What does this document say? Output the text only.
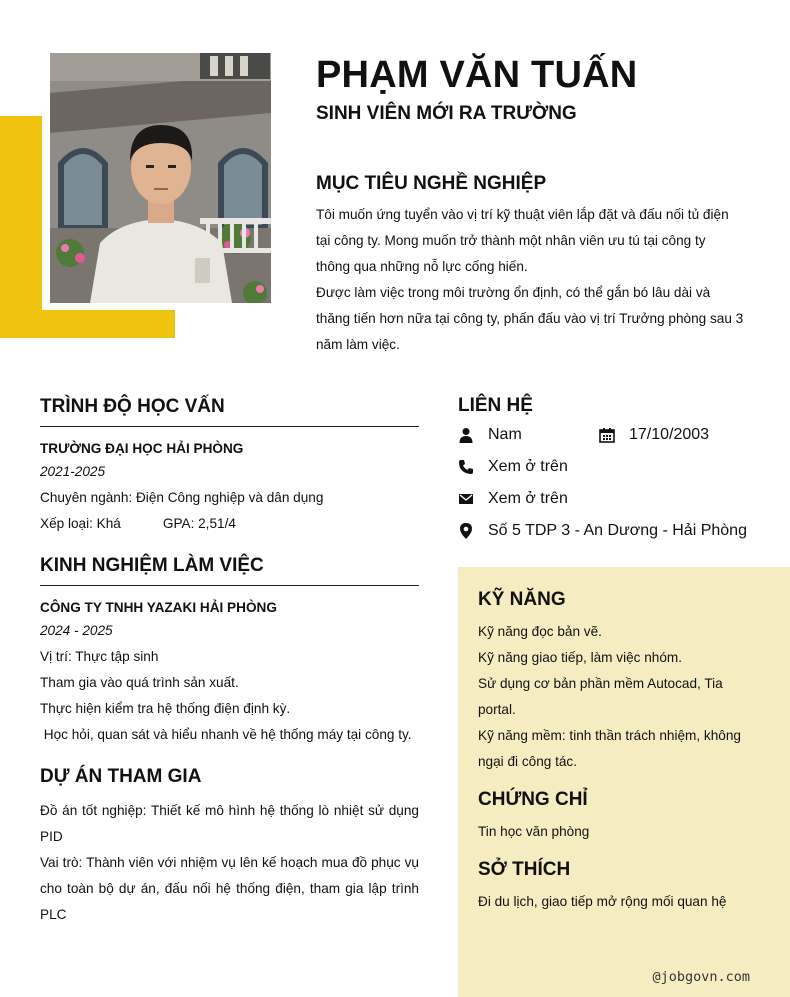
PHẠM VĂN TUẤN
SINH VIÊN MỚI RA TRƯỜNG
MỤC TIÊU NGHỀ NGHIỆP
Tôi muốn ứng tuyển vào vị trí kỹ thuật viên lắp đặt và đấu nối tủ điện
tại công ty. Mong muốn trở thành một nhân viên ưu tú tại công ty
thông qua những nỗ lực cống hiến.
Được làm việc trong môi trường ổn định, có thể gắn bó lâu dài và
thăng tiến hơn nữa tại công ty, phấn đấu vào vị trí Trưởng phòng sau 3
năm làm việc.
TRÌNH ĐỘ HỌC VẤN
TRƯỜNG ĐẠI HỌC HẢI PHÒNG
2021-2025
Chuyên ngành: Điện Công nghiệp và dân dụng
Xếp loại: Khá	GPA: 2,51/4
KINH NGHIỆM LÀM VIỆC
CÔNG TY TNHH YAZAKI HẢI PHÒNG
2024 - 2025
Vị trí: Thực tập sinh
Tham gia vào quá trình sản xuất.
Thực hiện kiểm tra hệ thống điện định kỳ.
Học hỏi, quan sát và hiểu nhanh về hệ thống máy tại công ty.
DỰ ÁN THAM GIA
Đồ án tốt nghiệp: Thiết kế mô hình hệ thống lò nhiệt sử dụng PID
Vai trò: Thành viên với nhiệm vụ lên kế hoạch mua đồ phục vụ cho toàn bộ dự án, đấu nối hệ thống điện, tham gia lập trình PLC
LIÊN HỆ
Nam	17/10/2003
Xem ở trên
Xem ở trên
Số 5 TDP 3 - An Dương - Hải Phòng
KỸ NĂNG
Kỹ năng đọc bản vẽ.
Kỹ năng giao tiếp, làm việc nhóm.
Sử dụng cơ bản phần mềm Autocad, Tia portal.
Kỹ năng mềm: tinh thần trách nhiệm, không ngại đi công tác.
CHỨNG CHỈ
Tin học văn phòng
SỞ THÍCH
Đi du lịch, giao tiếp mở rộng mối quan hệ
@jobgovn.com
